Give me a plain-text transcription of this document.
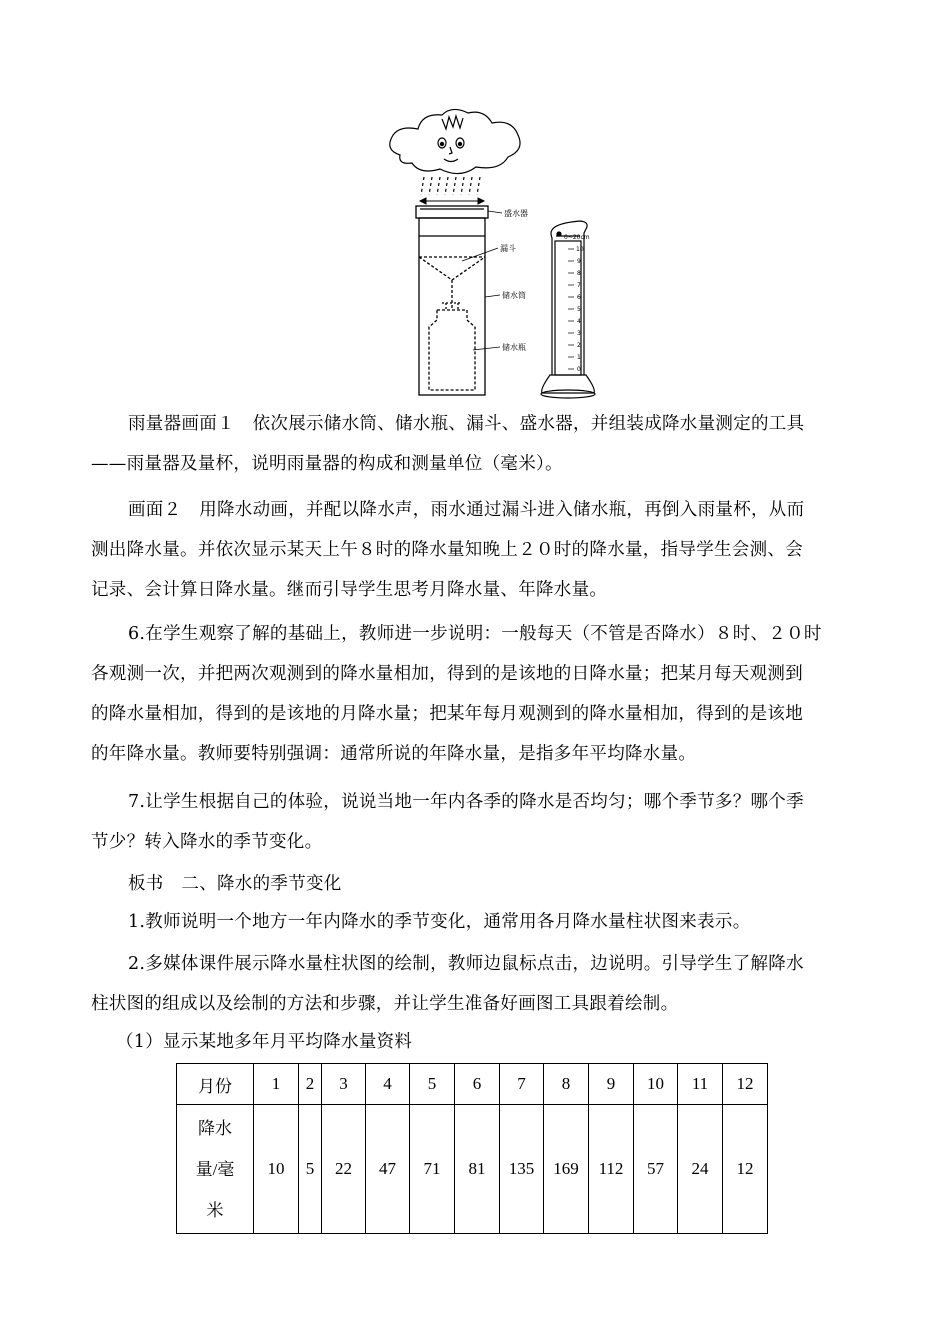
盛水器
漏斗
储水筒
储水瓶
0~20cm
10
9
8
7
6
5
4
3
2
1
0
雨量器画面１　依次展示储水筒、储水瓶、漏斗、盛水器，并组装成降水量测定的工具
——雨量器及量杯，说明雨量器的构成和测量单位（毫米）。
画面２　用降水动画，并配以降水声，雨水通过漏斗进入储水瓶，再倒入雨量杯，从而
测出降水量。并依次显示某天上午８时的降水量知晚上２０时的降水量，指导学生会测、会
记录、会计算日降水量。继而引导学生思考月降水量、年降水量。
6.在学生观察了解的基础上，教师进一步说明：一般每天（不管是否降水）８时、２０时
各观测一次，并把两次观测到的降水量相加，得到的是该地的日降水量；把某月每天观测到
的降水量相加，得到的是该地的月降水量；把某年每月观测到的降水量相加，得到的是该地
的年降水量。教师要特别强调：通常所说的年降水量，是指多年平均降水量。
7.让学生根据自己的体验，说说当地一年内各季的降水是否均匀；哪个季节多？哪个季
节少？转入降水的季节变化。
板书　二、降水的季节变化
1.教师说明一个地方一年内降水的季节变化，通常用各月降水量柱状图来表示。
2.多媒体课件展示降水量柱状图的绘制，教师边鼠标点击，边说明。引导学生了解降水
柱状图的组成以及绘制的方法和步骤，并让学生准备好画图工具跟着绘制。
（1）显示某地多年月平均降水量资料
月份	1	2	3	4	5	6	7	8	9	10	11	12

降水
量/毫
米	10	5	22	47	71	81	135	169	112	57	24	12
